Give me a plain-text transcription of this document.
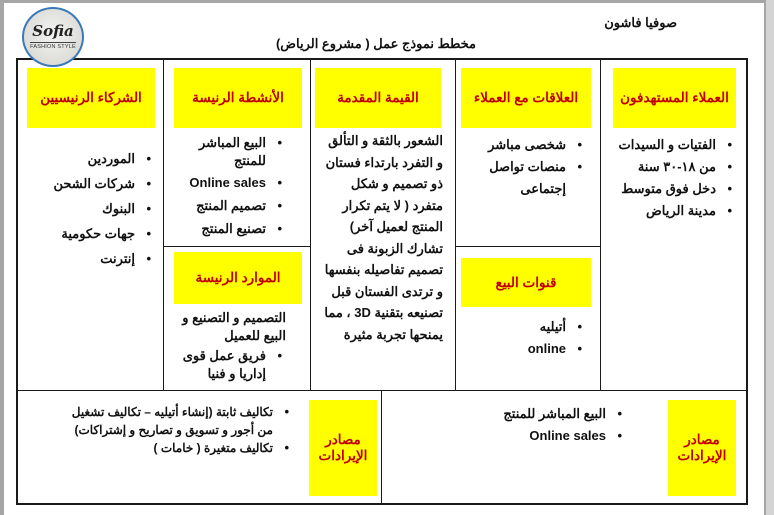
Sofia
FASHION STYLE
صوفيا فاشون
مخطط نموذج عمل ( مشروع الرياض)
العملاء المستهدفون
• الفتيات و السيدات
• من ١٨-٣٠ سنة
• دخل فوق متوسط
• مدينة الرياض
العلاقات مع العملاء
• شخصى مباشر
• منصات تواصل إجتماعى
قنوات البيع
• أتيليه
• online
القيمة المقدمة
الشعور بالثقة و التألق و التفرد بارتداء فستان ذو تصميم و شكل متفرد ( لا يتم تكرار المنتج لعميل آخر) تشارك الزبونة فى تصميم تفاصيله بنفسها و ترتدى الفستان قبل تصنيعه بتقنية 3D ، مما يمنحها تجربة مثيرة
الأنشطة الرنيسة
• البيع المباشر للمنتج
• Online sales
• تصميم المنتج
• تصنيع المنتج
الموارد الرنيسة
التصميم و التصنيع و البيع للعميل
• فريق عمل قوى إداريا و فنيا
الشركاء الرنيسيين
• الموردين
• شركات الشحن
• البنوك
• جهات حكومية
• إنترنت
مصادر الإيرادات
• البيع المباشر للمنتج
• Online sales
مصادر الإيرادات
• تكاليف ثابتة (إنشاء أتيليه – تكاليف تشغيل من أجور و تسويق و تصاريح و إشتراكات)
• تكاليف متغيرة ( خامات )
